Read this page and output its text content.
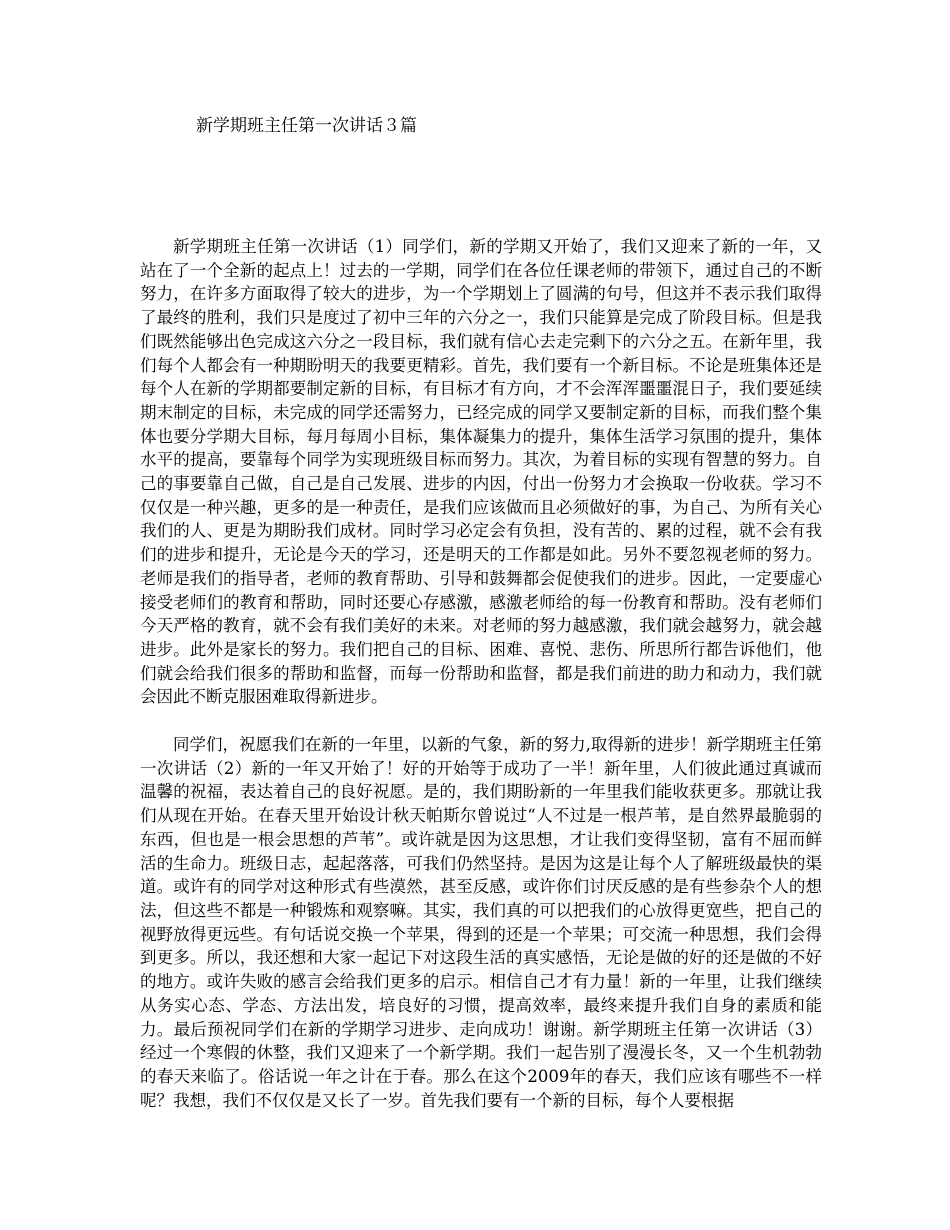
新学期班主任第一次讲话３篇

新学期班主任第一次讲话（1）同学们，新的学期又开始了，我们又迎来了新的一年，又站在了一个全新的起点上！过去的一学期，同学们在各位任课老师的带领下，通过自己的不断努力，在许多方面取得了较大的进步，为一个学期划上了圆满的句号，但这并不表示我们取得了最终的胜利，我们只是度过了初中三年的六分之一，我们只能算是完成了阶段目标。但是我们既然能够出色完成这六分之一段目标，我们就有信心去走完剩下的六分之五。在新年里，我们每个人都会有一种期盼明天的我要更精彩。首先，我们要有一个新目标。不论是班集体还是每个人在新的学期都要制定新的目标，有目标才有方向，才不会浑浑噩噩混日子，我们要延续期末制定的目标，未完成的同学还需努力，已经完成的同学又要制定新的目标，而我们整个集体也要分学期大目标，每月每周小目标，集体凝集力的提升，集体生活学习氛围的提升，集体水平的提高，要靠每个同学为实现班级目标而努力。其次，为着目标的实现有智慧的努力。自己的事要靠自己做，自己是自己发展、进步的内因，付出一份努力才会换取一份收获。学习不仅仅是一种兴趣，更多的是一种责任，是我们应该做而且必须做好的事，为自己、为所有关心我们的人、更是为期盼我们成材。同时学习必定会有负担，没有苦的、累的过程，就不会有我们的进步和提升，无论是今天的学习，还是明天的工作都是如此。另外不要忽视老师的努力。老师是我们的指导者，老师的教育帮助、引导和鼓舞都会促使我们的进步。因此，一定要虚心接受老师们的教育和帮助，同时还要心存感激，感激老师给的每一份教育和帮助。没有老师们今天严格的教育，就不会有我们美好的未来。对老师的努力越感激，我们就会越努力，就会越进步。此外是家长的努力。我们把自己的目标、困难、喜悦、悲伤、所思所行都告诉他们，他们就会给我们很多的帮助和监督，而每一份帮助和监督，都是我们前进的助力和动力，我们就会因此不断克服困难取得新进步。

同学们，祝愿我们在新的一年里，以新的气象，新的努力,取得新的进步！新学期班主任第一次讲话（2）新的一年又开始了！好的开始等于成功了一半！新年里，人们彼此通过真诚而温馨的祝福，表达着自己的良好祝愿。是的，我们期盼新的一年里我们能收获更多。那就让我们从现在开始。在春天里开始设计秋天帕斯尔曾说过“人不过是一根芦苇，是自然界最脆弱的东西，但也是一根会思想的芦苇”。或许就是因为这思想，才让我们变得坚韧，富有不屈而鲜活的生命力。班级日志，起起落落，可我们仍然坚持。是因为这是让每个人了解班级最快的渠道。或许有的同学对这种形式有些漠然，甚至反感，或许你们讨厌反感的是有些参杂个人的想法，但这些不都是一种锻炼和观察嘛。其实，我们真的可以把我们的心放得更宽些，把自己的视野放得更远些。有句话说交换一个苹果，得到的还是一个苹果；可交流一种思想，我们会得到更多。所以，我还想和大家一起记下对这段生活的真实感悟，无论是做的好的还是做的不好的地方。或许失败的感言会给我们更多的启示。相信自己才有力量！新的一年里，让我们继续从务实心态、学态、方法出发，培良好的习惯，提高效率，最终来提升我们自身的素质和能力。最后预祝同学们在新的学期学习进步、走向成功！谢谢。新学期班主任第一次讲话（3）经过一个寒假的休整，我们又迎来了一个新学期。我们一起告别了漫漫长冬，又一个生机勃勃的春天来临了。俗话说一年之计在于春。那么在这个2009年的春天，我们应该有哪些不一样呢？我想，我们不仅仅是又长了一岁。首先我们要有一个新的目标，每个人要根据
